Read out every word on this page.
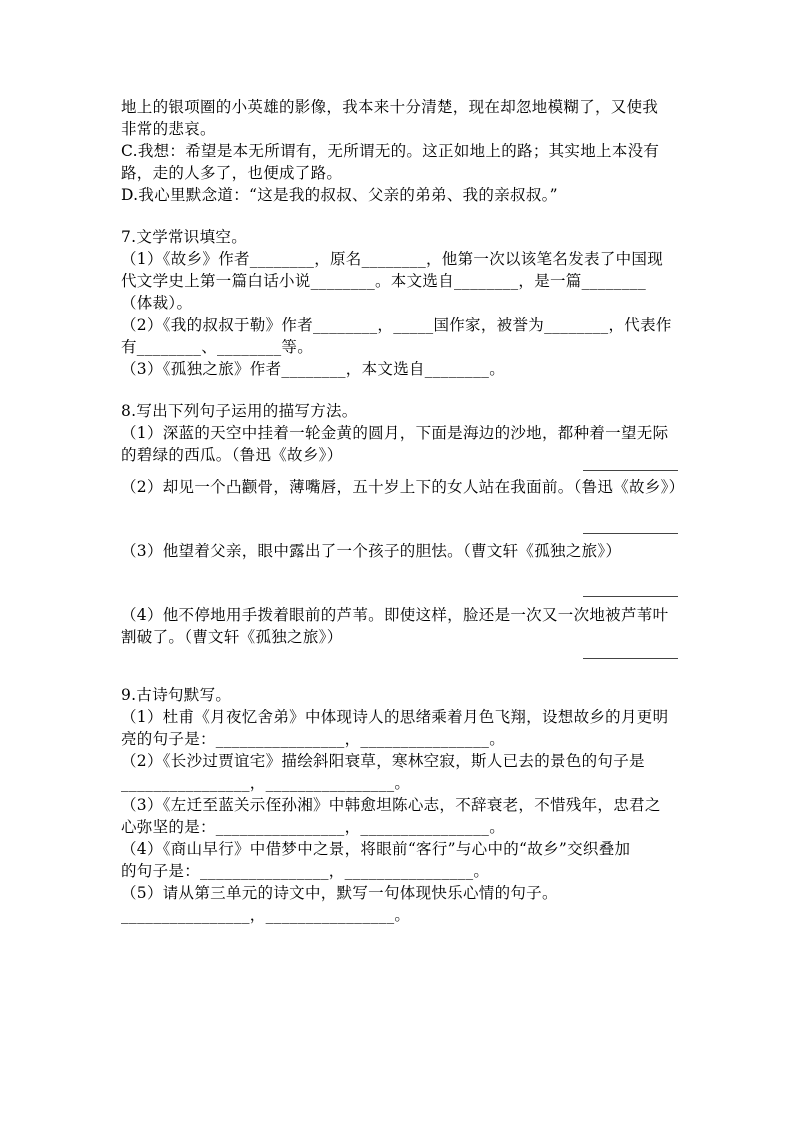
地上的银项圈的小英雄的影像，我本来十分清楚，现在却忽地模糊了，又使我
非常的悲哀。
C.我想：希望是本无所谓有，无所谓无的。这正如地上的路；其实地上本没有
路，走的人多了，也便成了路。
D.我心里默念道：“这是我的叔叔、父亲的弟弟、我的亲叔叔。”
7.文学常识填空。
（1）《故乡》作者________，原名________，他第一次以该笔名发表了中国现
代文学史上第一篇白话小说________。本文选自________，是一篇________
（体裁）。
（2）《我的叔叔于勒》作者________，_____国作家，被誉为________，代表作
有________、________等。
（3）《孤独之旅》作者________，本文选自________。
8.写出下列句子运用的描写方法。
（1）深蓝的天空中挂着一轮金黄的圆月，下面是海边的沙地，都种着一望无际
的碧绿的西瓜。（鲁迅《故乡》）
（2）却见一个凸颧骨，薄嘴唇，五十岁上下的女人站在我面前。（鲁迅《故乡》）
（3）他望着父亲，眼中露出了一个孩子的胆怯。（曹文轩《孤独之旅》）
（4）他不停地用手拨着眼前的芦苇。即使这样，脸还是一次又一次地被芦苇叶
割破了。（曹文轩《孤独之旅》）
9.古诗句默写。
（1）杜甫《月夜忆舍弟》中体现诗人的思绪乘着月色飞翔，设想故乡的月更明
亮的句子是：________________，________________。
（2）《长沙过贾谊宅》描绘斜阳衰草，寒林空寂，斯人已去的景色的句子是
________________，________________。
（3）《左迁至蓝关示侄孙湘》中韩愈坦陈心志，不辞衰老，不惜残年，忠君之
心弥坚的是：________________，________________。
（4）《商山早行》中借梦中之景，将眼前“客行”与心中的“故乡”交织叠加
的句子是：________________，________________。
（5）请从第三单元的诗文中，默写一句体现快乐心情的句子。
________________，________________。
